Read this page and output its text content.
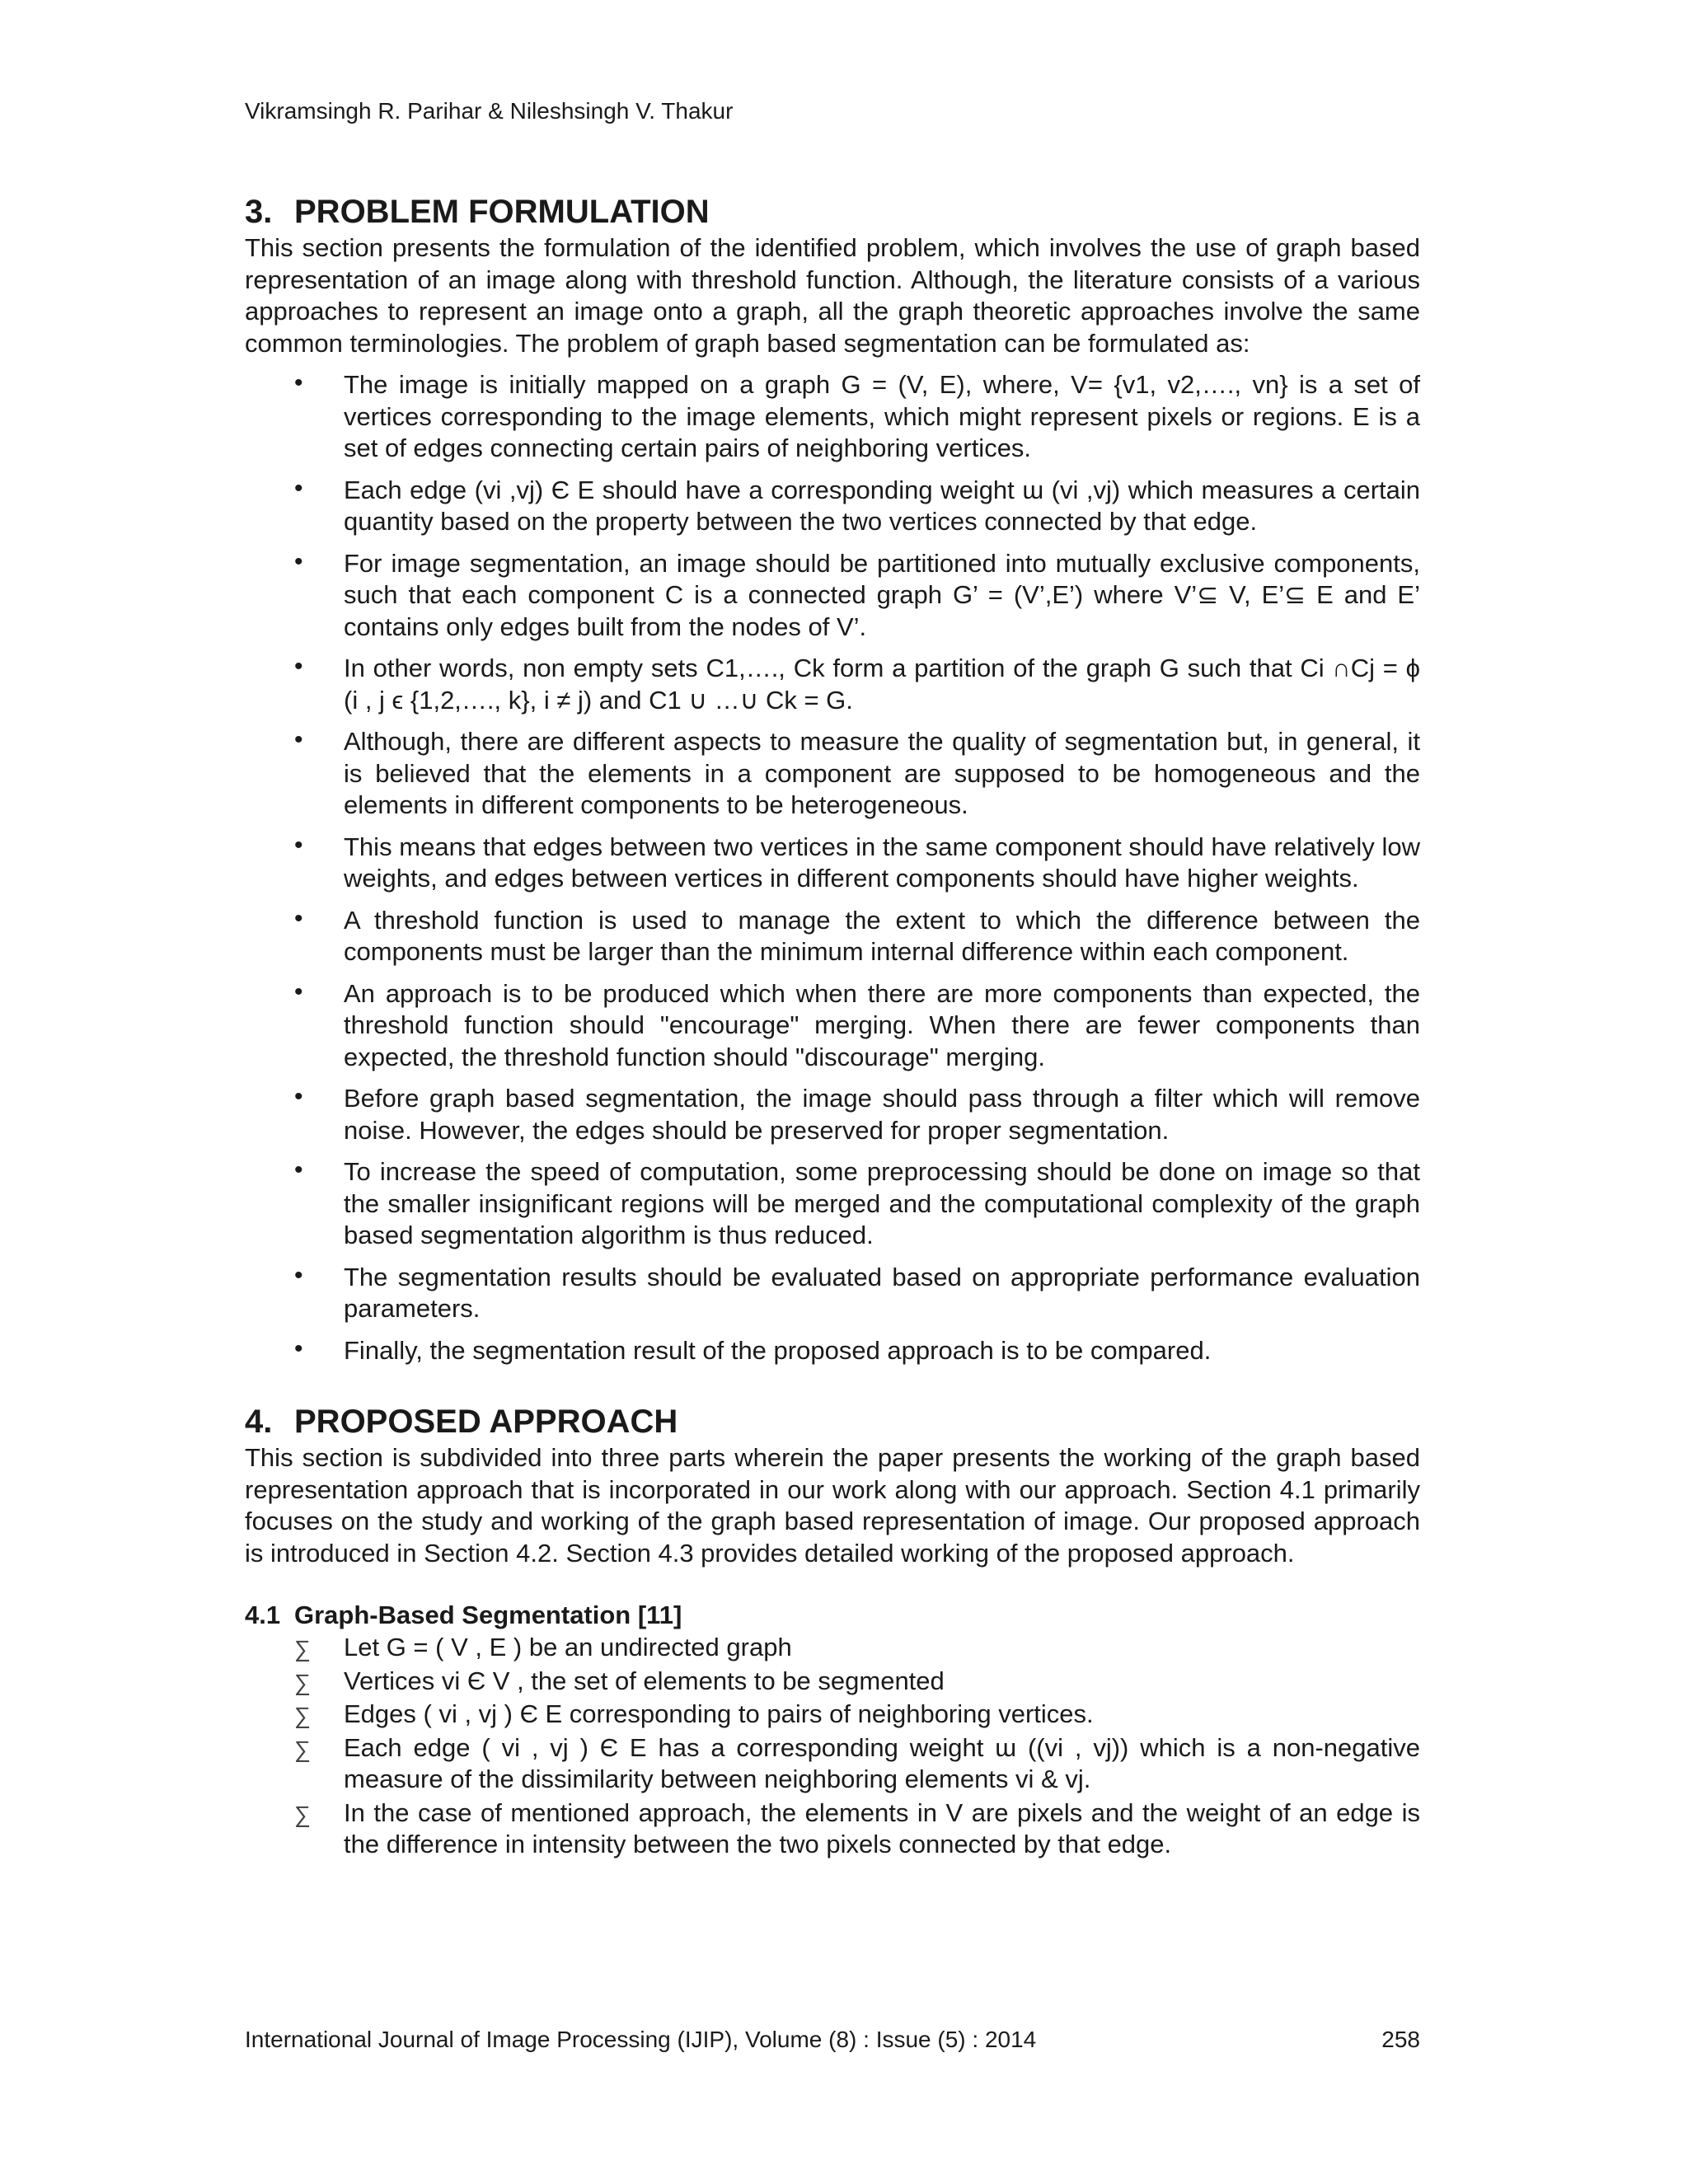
Vikramsingh R. Parihar & Nileshsingh V. Thakur
3. PROBLEM FORMULATION

This section presents the formulation of the identified problem, which involves the use of graph based representation of an image along with threshold function. Although, the literature consists of a various approaches to represent an image onto a graph, all the graph theoretic approaches involve the same common terminologies. The problem of graph based segmentation can be formulated as:

• The image is initially mapped on a graph G = (V, E), where, V= {v1, v2,…., vn} is a set of vertices corresponding to the image elements, which might represent pixels or regions. E is a set of edges connecting certain pairs of neighboring vertices.
• Each edge (vi ,vj) Є E should have a corresponding weight ɯ (vi ,vj) which measures a certain quantity based on the property between the two vertices connected by that edge.
• For image segmentation, an image should be partitioned into mutually exclusive components, such that each component C is a connected graph G’ = (V’,E’) where V’⊆ V, E’⊆ E and E’ contains only edges built from the nodes of V’.
• In other words, non empty sets C1,…., Ck form a partition of the graph G such that Ci ∩Cj = ϕ (i , j ϵ {1,2,…., k}, i ≠ j) and C1 ∪ …∪ Ck = G.
• Although, there are different aspects to measure the quality of segmentation but, in general, it is believed that the elements in a component are supposed to be homogeneous and the elements in different components to be heterogeneous.
• This means that edges between two vertices in the same component should have relatively low weights, and edges between vertices in different components should have higher weights.
• A threshold function is used to manage the extent to which the difference between the components must be larger than the minimum internal difference within each component.
• An approach is to be produced which when there are more components than expected, the threshold function should "encourage" merging. When there are fewer components than expected, the threshold function should "discourage" merging.
• Before graph based segmentation, the image should pass through a filter which will remove noise. However, the edges should be preserved for proper segmentation.
• To increase the speed of computation, some preprocessing should be done on image so that the smaller insignificant regions will be merged and the computational complexity of the graph based segmentation algorithm is thus reduced.
• The segmentation results should be evaluated based on appropriate performance evaluation parameters.
• Finally, the segmentation result of the proposed approach is to be compared.
4. PROPOSED APPROACH

This section is subdivided into three parts wherein the paper presents the working of the graph based representation approach that is incorporated in our work along with our approach. Section 4.1 primarily focuses on the study and working of the graph based representation of image. Our proposed approach is introduced in Section 4.2. Section 4.3 provides detailed working of the proposed approach.

4.1 Graph-Based Segmentation [11]
∑ Let G = ( V , E ) be an undirected graph
∑ Vertices vi Є V , the set of elements to be segmented
∑ Edges ( vi , vj ) Є E corresponding to pairs of neighboring vertices.
∑ Each edge ( vi , vj ) Є E has a corresponding weight ɯ ((vi , vj)) which is a non-negative measure of the dissimilarity between neighboring elements vi & vj.
∑ In the case of mentioned approach, the elements in V are pixels and the weight of an edge is the difference in intensity between the two pixels connected by that edge.
International Journal of Image Processing (IJIP), Volume (8) : Issue (5) : 2014	258
